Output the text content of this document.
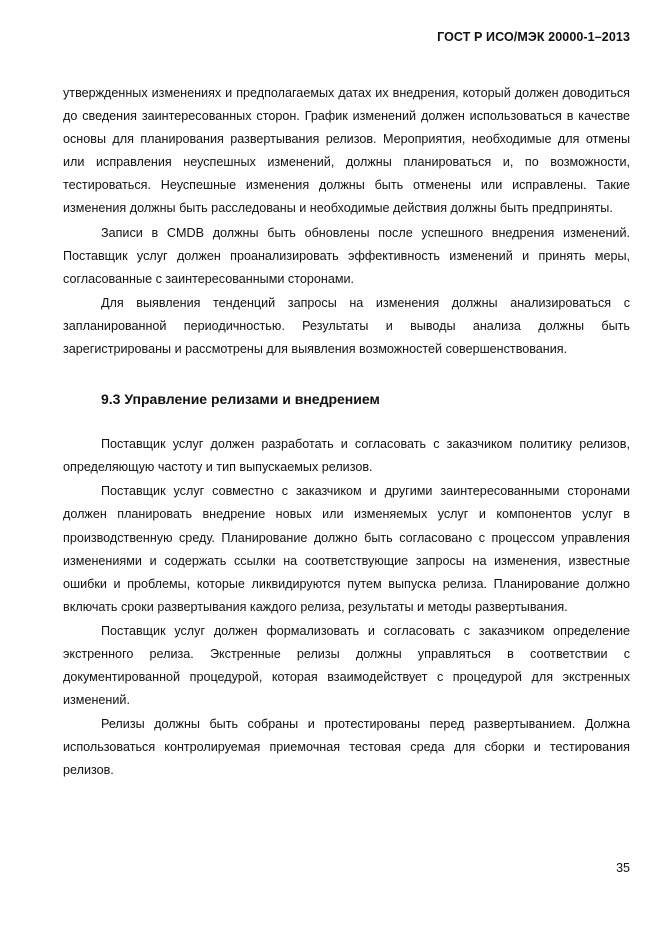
ГОСТ Р ИСО/МЭК 20000-1–2013

утвержденных изменениях и предполагаемых датах их внедрения, который должен доводиться до сведения заинтересованных сторон. График изменений должен использоваться в качестве основы для планирования развертывания релизов. Мероприятия, необходимые для отмены или исправления неуспешных изменений, должны планироваться и, по возможности, тестироваться. Неуспешные изменения должны быть отменены или исправлены. Такие изменения должны быть расследованы и необходимые действия должны быть предприняты.

Записи в CMDB должны быть обновлены после успешного внедрения изменений. Поставщик услуг должен проанализировать эффективность изменений и принять меры, согласованные с заинтересованными сторонами.

Для выявления тенденций запросы на изменения должны анализироваться с запланированной периодичностью. Результаты и выводы анализа должны быть зарегистрированы и рассмотрены для выявления возможностей совершенствования.

9.3 Управление релизами и внедрением

Поставщик услуг должен разработать и согласовать с заказчиком политику релизов, определяющую частоту и тип выпускаемых релизов.

Поставщик услуг совместно с заказчиком и другими заинтересованными сторонами должен планировать внедрение новых или изменяемых услуг и компонентов услуг в производственную среду. Планирование должно быть согласовано с процессом управления изменениями и содержать ссылки на соответствующие запросы на изменения, известные ошибки и проблемы, которые ликвидируются путем выпуска релиза. Планирование должно включать сроки развертывания каждого релиза, результаты и методы развертывания.

Поставщик услуг должен формализовать и согласовать с заказчиком определение экстренного релиза. Экстренные релизы должны управляться в соответствии с документированной процедурой, которая взаимодействует с процедурой для экстренных изменений.

Релизы должны быть собраны и протестированы перед развертыванием. Должна использоваться контролируемая приемочная тестовая среда для сборки и тестирования релизов.

35
